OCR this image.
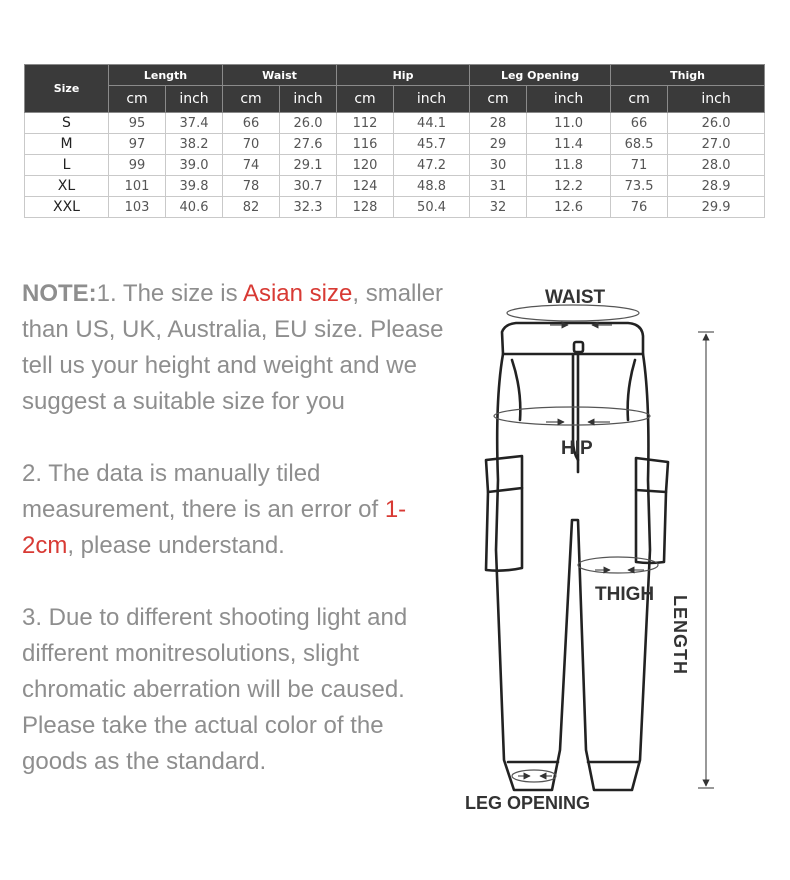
Size	Length		Waist		Hip		Leg Opening		Thigh	
	cm	inch	cm	inch	cm	inch	cm	inch	cm	inch
S	95	37.4	66	26.0	112	44.1	28	11.0	66	26.0
M	97	38.2	70	27.6	116	45.7	29	11.4	68.5	27.0
L	99	39.0	74	29.1	120	47.2	30	11.8	71	28.0
XL	101	39.8	78	30.7	124	48.8	31	12.2	73.5	28.9
XXL	103	40.6	82	32.3	128	50.4	32	12.6	76	29.9

NOTE:1. The size is Asian size, smaller than US, UK, Australia, EU size. Please tell us your height and weight and we suggest a suitable size for you

2. The data is manually tiled measurement, there is an error of 1-2cm, please understand.

3. Due to different shooting light and different monitresolutions, slight chromatic aberration will be caused. Please take the actual color of the goods as the standard.

WAIST
HIP
THIGH
LENGTH
LEG OPENING
